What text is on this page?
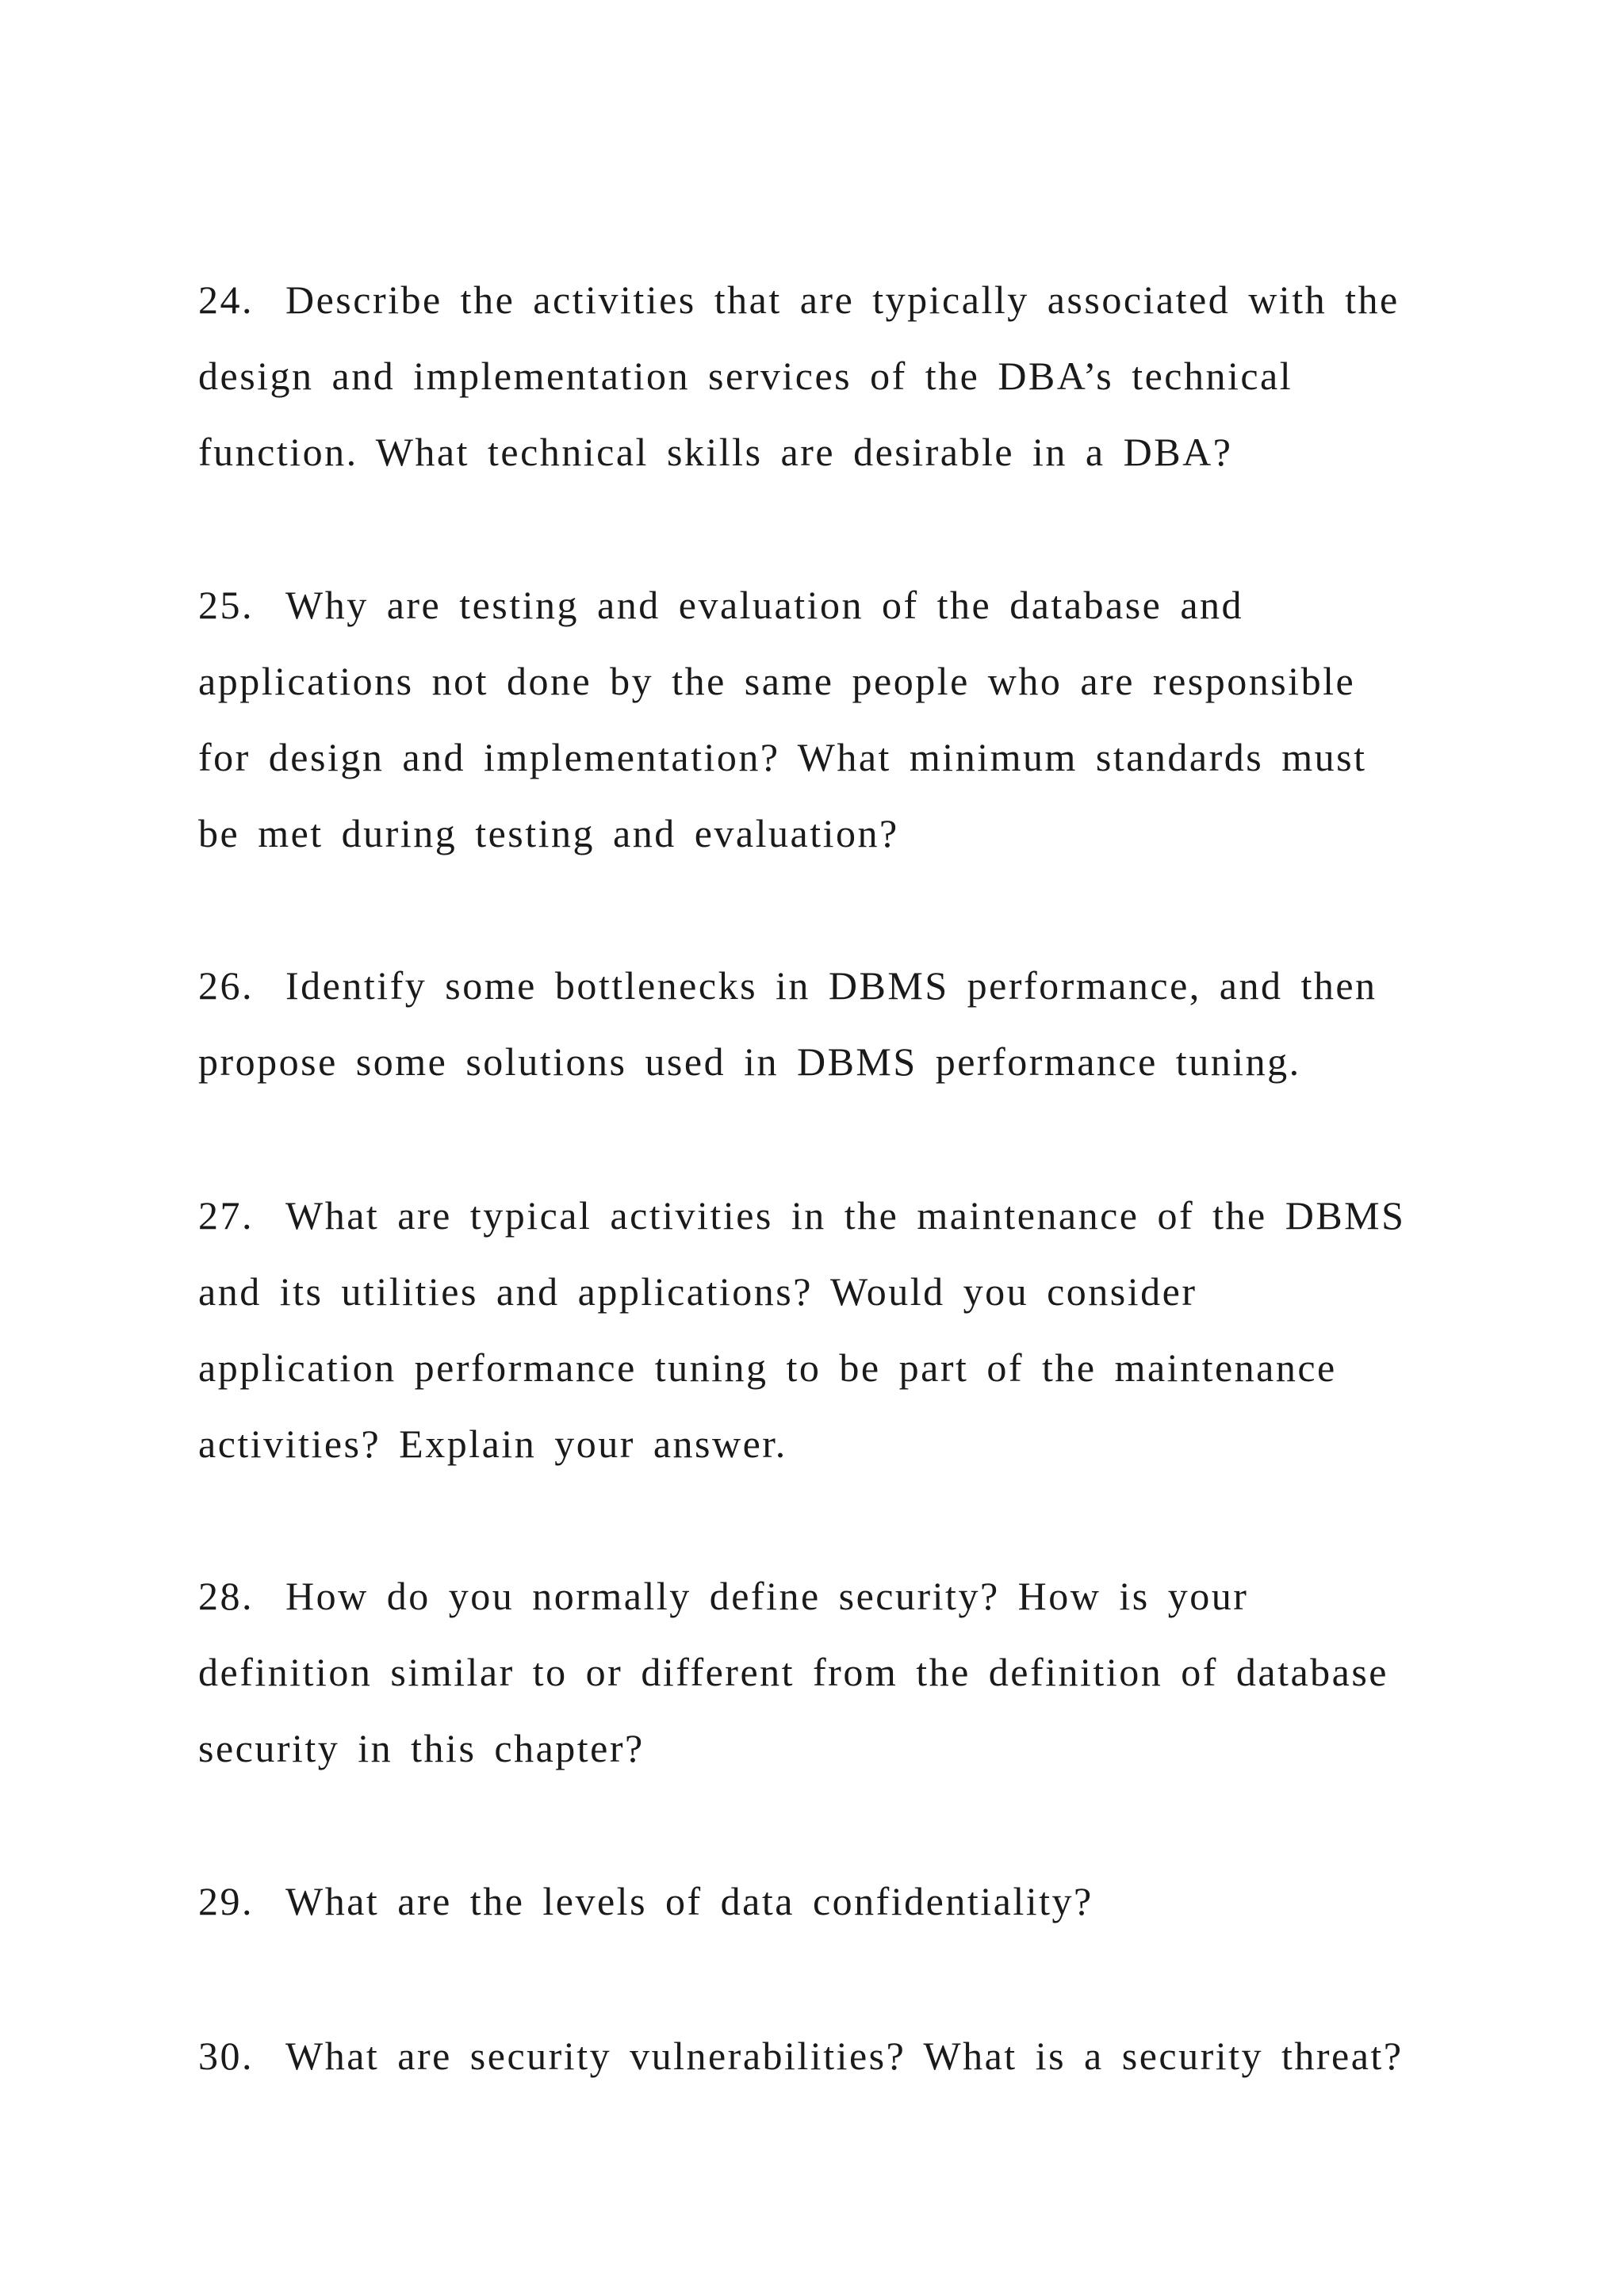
24. Describe the activities that are typically associated with the
design and implementation services of the DBA’s technical
function. What technical skills are desirable in a DBA?

25. Why are testing and evaluation of the database and
applications not done by the same people who are responsible
for design and implementation? What minimum standards must
be met during testing and evaluation?

26. Identify some bottlenecks in DBMS performance, and then
propose some solutions used in DBMS performance tuning.

27. What are typical activities in the maintenance of the DBMS
and its utilities and applications? Would you consider
application performance tuning to be part of the maintenance
activities? Explain your answer.

28. How do you normally define security? How is your
definition similar to or different from the definition of database
security in this chapter?

29. What are the levels of data confidentiality?

30. What are security vulnerabilities? What is a security threat?
